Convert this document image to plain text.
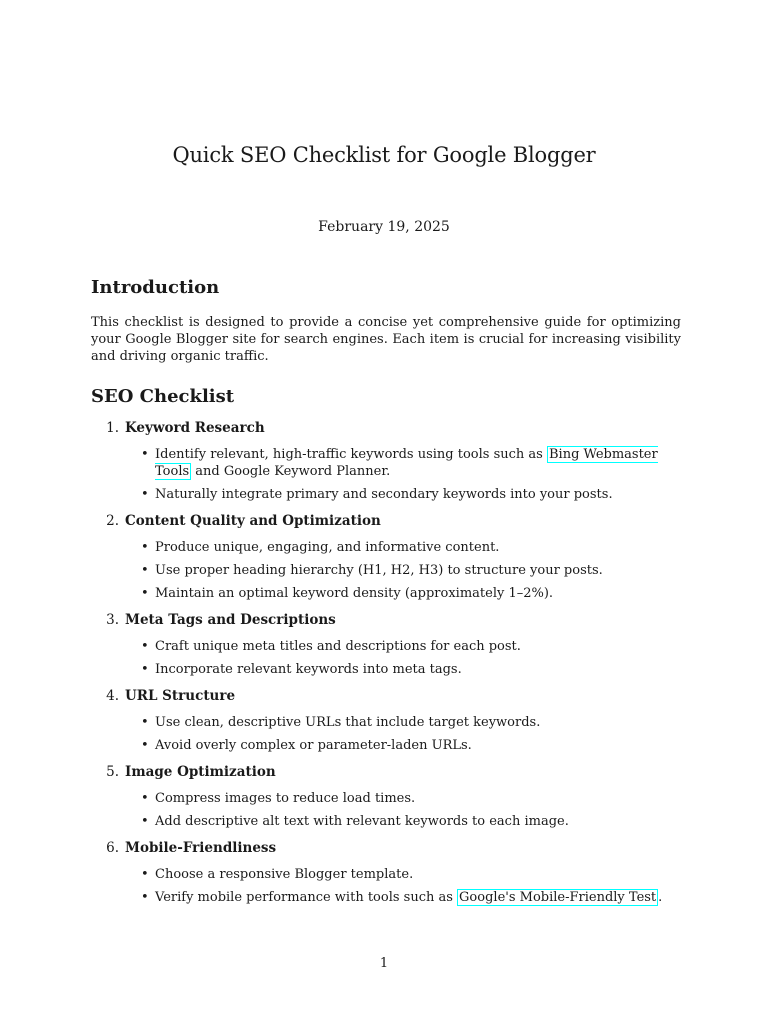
Quick SEO Checklist for Google Blogger
February 19, 2025
Introduction

This checklist is designed to provide a concise yet comprehensive guide for optimizing your Google Blogger site for search engines. Each item is crucial for increasing visibility and driving organic traffic.

SEO Checklist
1. Keyword Research
• Identify relevant, high-traffic keywords using tools such as Bing Webmaster Tools and Google Keyword Planner.
• Naturally integrate primary and secondary keywords into your posts.
2. Content Quality and Optimization
• Produce unique, engaging, and informative content.
• Use proper heading hierarchy (H1, H2, H3) to structure your posts.
• Maintain an optimal keyword density (approximately 1–2%).
3. Meta Tags and Descriptions
• Craft unique meta titles and descriptions for each post.
• Incorporate relevant keywords into meta tags.
4. URL Structure
• Use clean, descriptive URLs that include target keywords.
• Avoid overly complex or parameter-laden URLs.
5. Image Optimization
• Compress images to reduce load times.
• Add descriptive alt text with relevant keywords to each image.
6. Mobile-Friendliness
• Choose a responsive Blogger template.
• Verify mobile performance with tools such as Google's Mobile-Friendly Test .
1
